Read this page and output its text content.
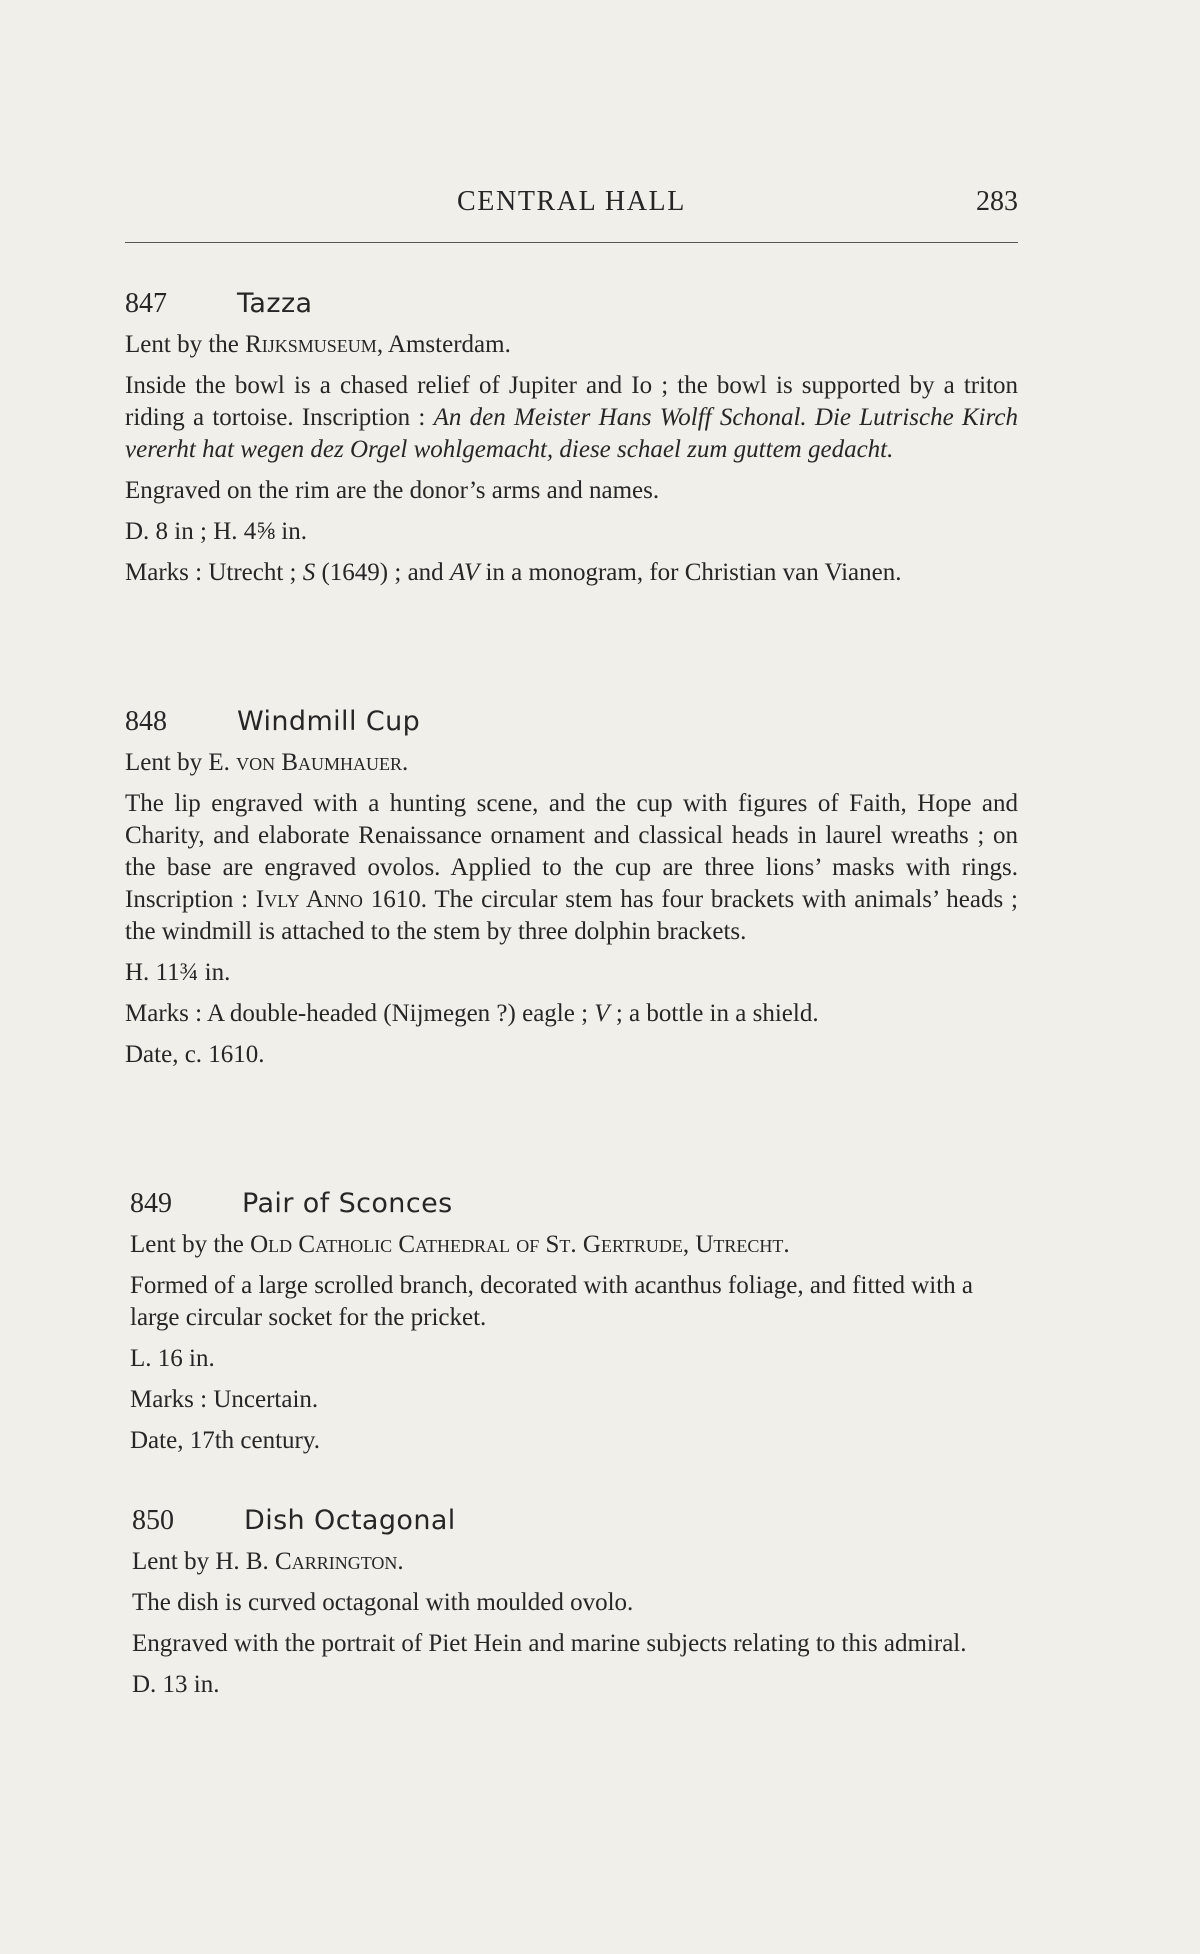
CENTRAL HALL	283
847	Tazza

Lent by the Rijksmuseum, Amsterdam.

Inside the bowl is a chased relief of Jupiter and Io ; the bowl is supported by a triton riding a tortoise. Inscription : An den Meister Hans Wolff Schonal. Die Lutrische Kirch vererht hat wegen dez Orgel wohlgemacht, diese schael zum guttem gedacht.

Engraved on the rim are the donor’s arms and names.

D. 8 in ; H. 4⅝ in.

Marks : Utrecht ; S (1649) ; and AV in a monogram, for Christian van Vianen.

848	Windmill Cup

Lent by E. von Baumhauer.

The lip engraved with a hunting scene, and the cup with figures of Faith, Hope and Charity, and elaborate Renaissance ornament and classical heads in laurel wreaths ; on the base are engraved ovolos. Applied to the cup are three lions’ masks with rings. Inscription : Ivly Anno 1610. The circular stem has four brackets with animals’ heads ; the windmill is attached to the stem by three dolphin brackets.

H. 11¾ in.

Marks : A double-headed (Nijmegen ?) eagle ; V ; a bottle in a shield.

Date, c. 1610.

849	Pair of Sconces

Lent by the Old Catholic Cathedral of St. Gertrude, Utrecht.

Formed of a large scrolled branch, decorated with acanthus foliage, and fitted with a large circular socket for the pricket.

L. 16 in.

Marks : Uncertain.

Date, 17th century.

850	Dish Octagonal

Lent by H. B. Carrington.

The dish is curved octagonal with moulded ovolo.

Engraved with the portrait of Piet Hein and marine subjects relating to this admiral.

D. 13 in.
